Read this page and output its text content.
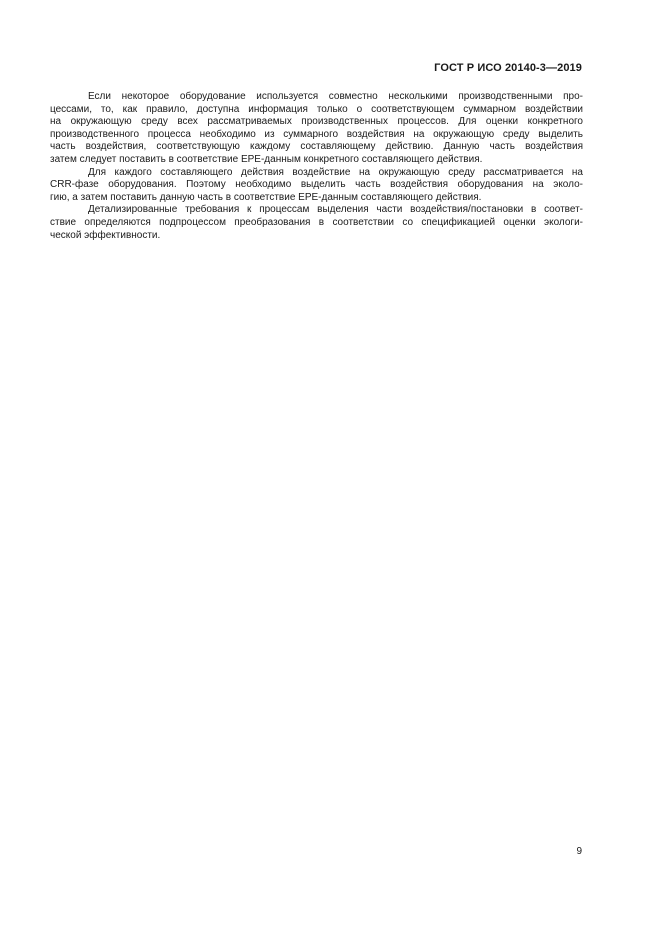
ГОСТ Р ИСО 20140-3—2019
Если некоторое оборудование используется совместно несколькими производственными про-
цессами, то, как правило, доступна информация только о соответствующем суммарном воздействии
на окружающую среду всех рассматриваемых производственных процессов. Для оценки конкретного
производственного процесса необходимо из суммарного воздействия на окружающую среду выделить
часть воздействия, соответствующую каждому составляющему действию. Данную часть воздействия
затем следует поставить в соответствие EPE-данным конкретного составляющего действия.
Для каждого составляющего действия воздействие на окружающую среду рассматривается на
CRR-фазе оборудования. Поэтому необходимо выделить часть воздействия оборудования на эколо-
гию, а затем поставить данную часть в соответствие EPE-данным составляющего действия.
Детализированные требования к процессам выделения части воздействия/постановки в соответ-
ствие определяются подпроцессом преобразования в соответствии со спецификацией оценки экологи-
ческой эффективности.
9
